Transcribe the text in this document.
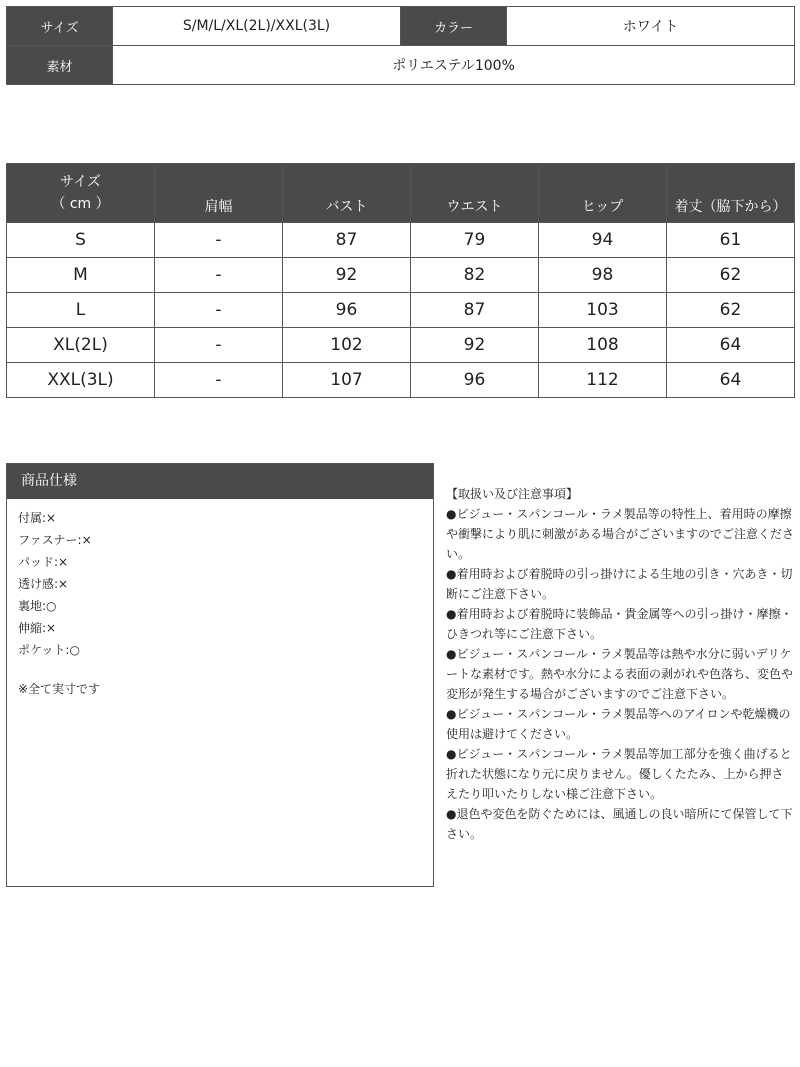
サイズ	S/M/L/XL(2L)/XXL(3L)	カラー	ホワイト
素材	ポリエステル100%		
サイズ
（ cm ）	肩幅	バスト	ウエスト	ヒップ	着丈（脇下から）
S	-	87	79	94	61
M	-	92	82	98	62
L	-	96	87	103	62
XL(2L)	-	102	92	108	64
XXL(3L)	-	107	96	112	64
商品仕様
付属:×
ファスナー:×
パッド:×
透け感:×
裏地:○
伸縮:×
ポケット:○
※全て実寸です
【取扱い及び注意事項】
●ビジュー・スパンコール・ラメ製品等の特性上、着用時の摩擦や衝撃により肌に刺激がある場合がございますのでご注意ください。
●着用時および着脱時の引っ掛けによる生地の引き・穴あき・切断にご注意下さい。
●着用時および着脱時に装飾品・貴金属等への引っ掛け・摩擦・ひきつれ等にご注意下さい。
●ビジュー・スパンコール・ラメ製品等は熱や水分に弱いデリケートな素材です。熱や水分による表面の剥がれや色落ち、変色や変形が発生する場合がございますのでご注意下さい。
●ビジュー・スパンコール・ラメ製品等へのアイロンや乾燥機の使用は避けてください。
●ビジュー・スパンコール・ラメ製品等加工部分を強く曲げると折れた状態になり元に戻りません。優しくたたみ、上から押さえたり叩いたりしない様ご注意下さい。
●退色や変色を防ぐためには、風通しの良い暗所にて保管して下さい。
